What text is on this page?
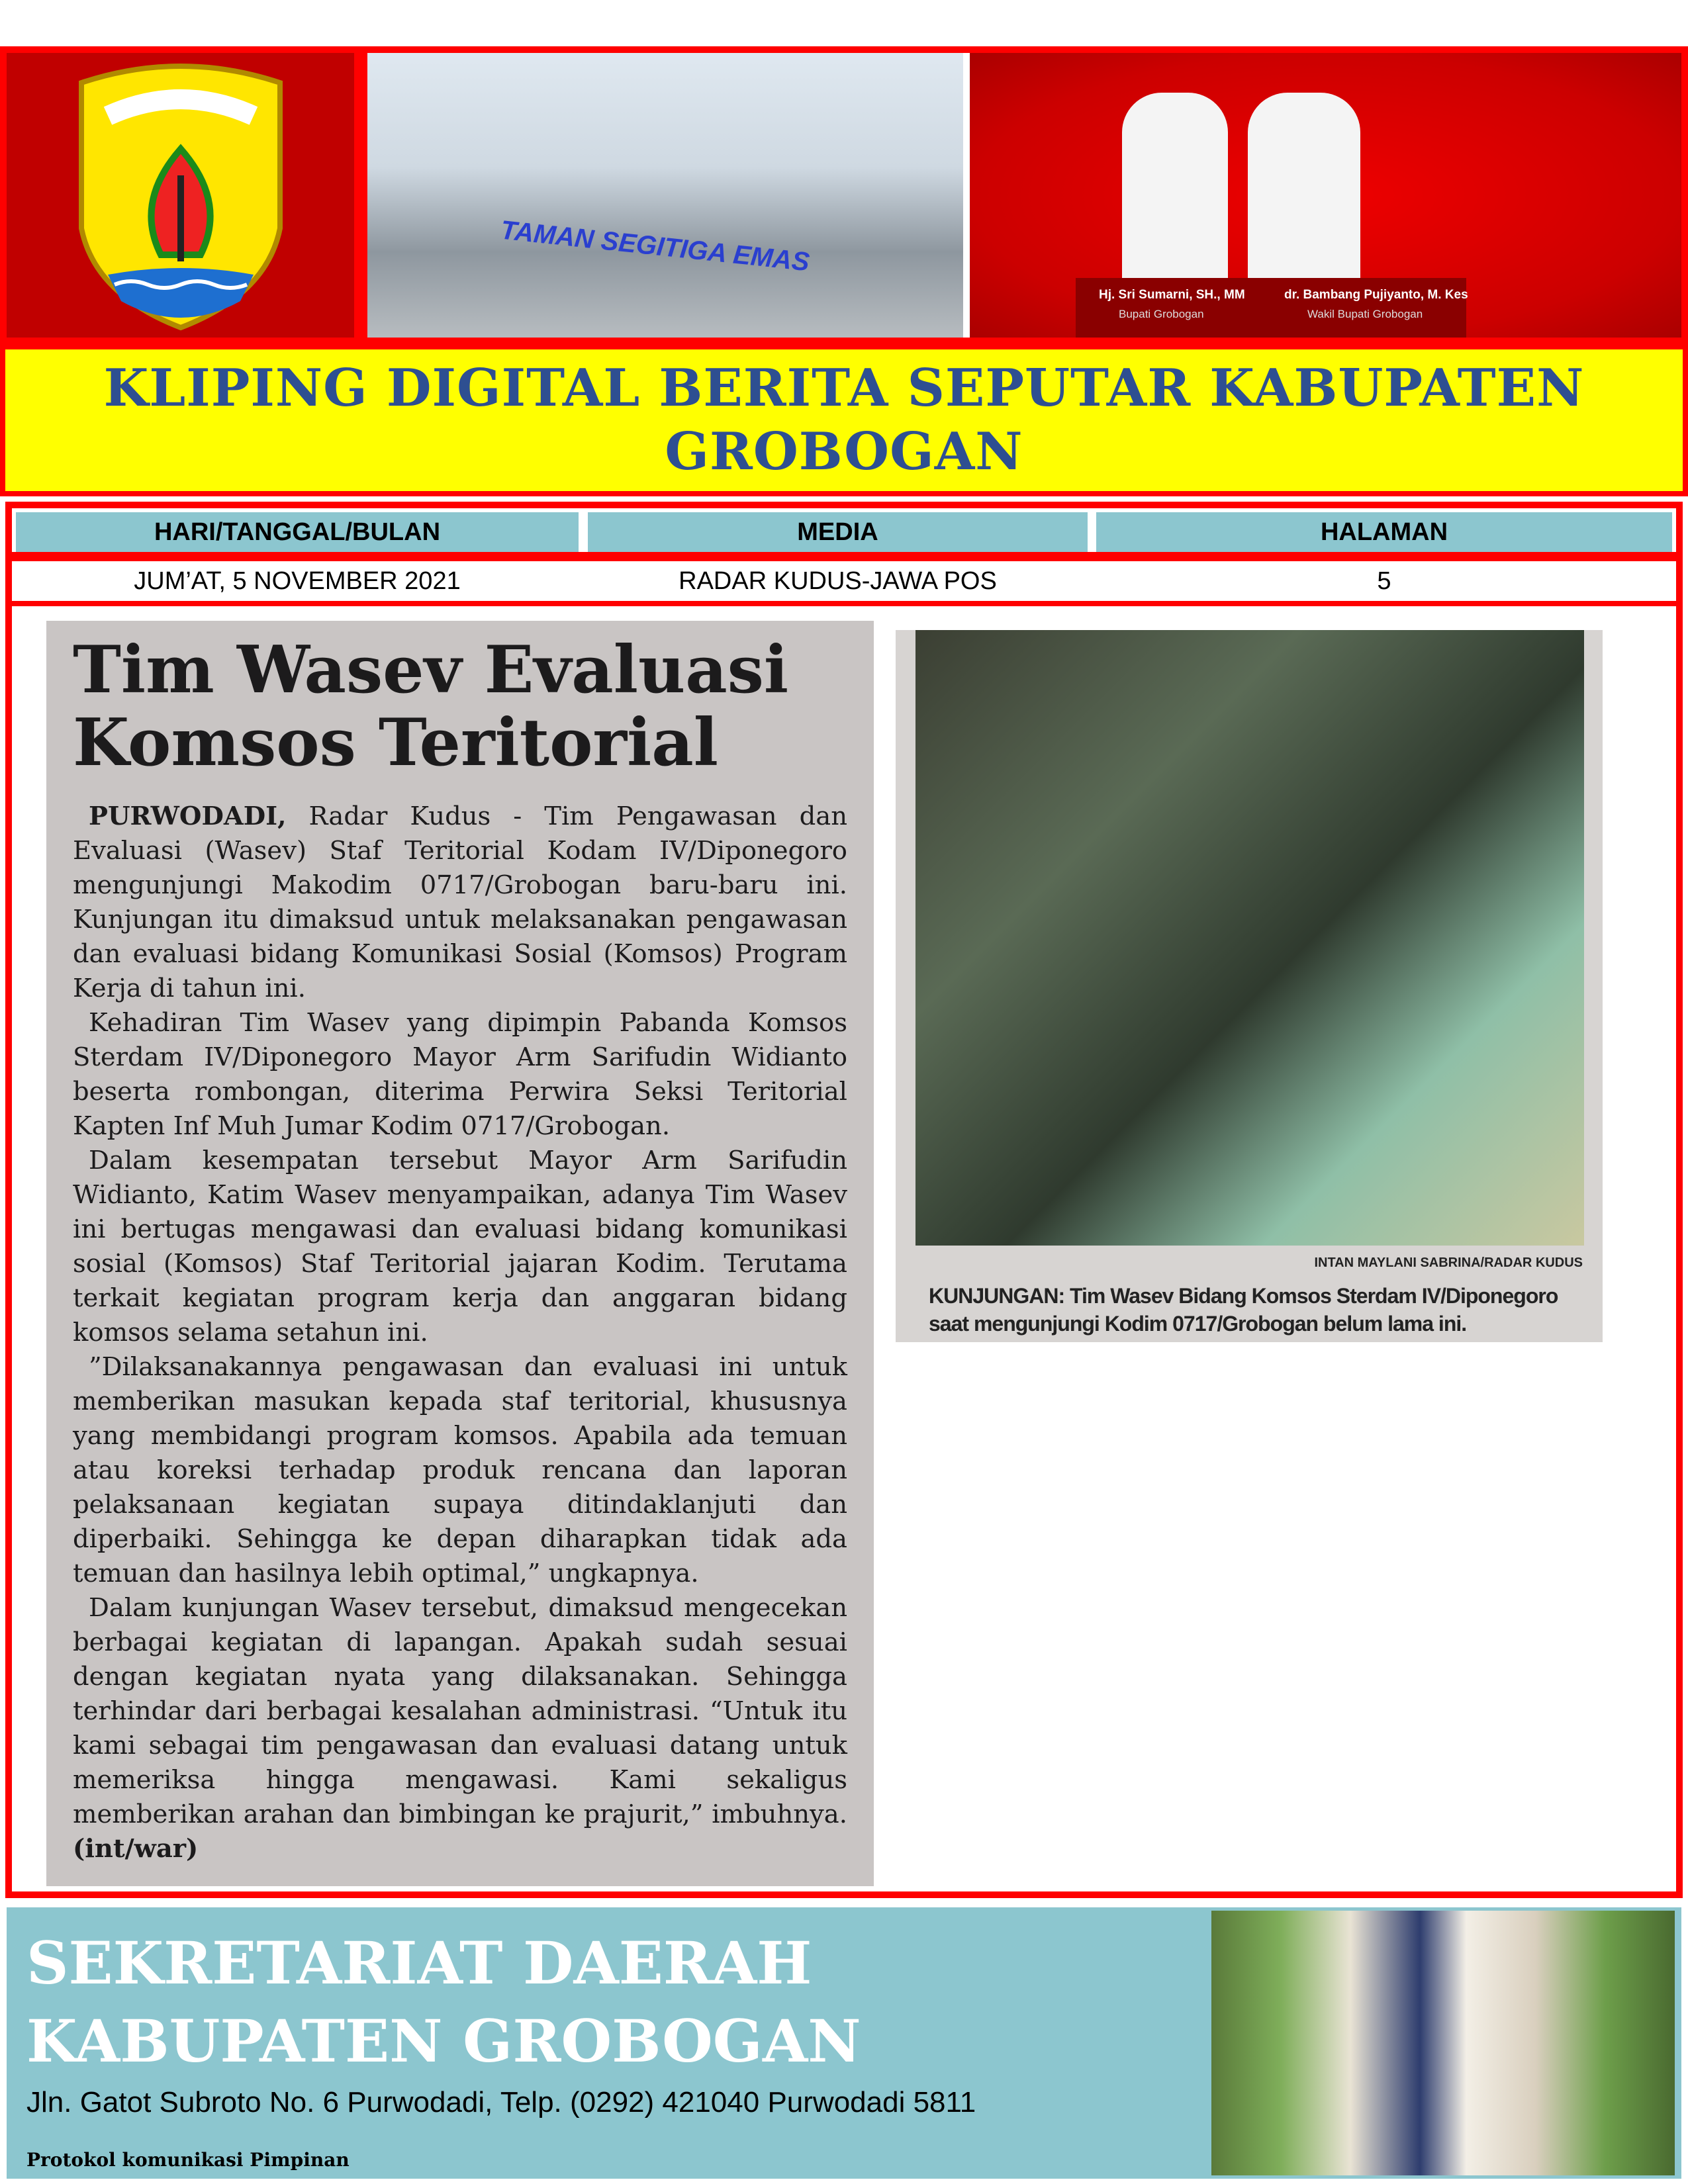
TAMAN SEGITIGA EMAS
Hj. Sri Sumarni, SH., MM
Bupati Grobogan
dr. Bambang Pujiyanto, M. Kes
Wakil Bupati Grobogan
KLIPING DIGITAL BERITA SEPUTAR KABUPATEN GROBOGAN
HARI/TANGGAL/BULAN	MEDIA	HALAMAN
JUM’AT, 5 NOVEMBER 2021	RADAR KUDUS-JAWA POS	5
Tim Wasev Evaluasi Komsos Teritorial

PURWODADI, Radar Kudus - Tim Pengawasan dan Evaluasi (Wasev) Staf Teritorial Kodam IV/Diponegoro mengunjungi Makodim 0717/Grobogan baru-baru ini. Kunjungan itu dimaksud untuk melaksanakan pengawasan dan evaluasi bidang Komunikasi Sosial (Komsos) Program Kerja di tahun ini.

Kehadiran Tim Wasev yang dipimpin Pabanda Komsos Sterdam IV/Diponegoro Mayor Arm Sarifudin Widianto beserta rombongan, diterima Perwira Seksi Teritorial Kapten Inf Muh Jumar Kodim 0717/Grobogan.

Dalam kesempatan tersebut Mayor Arm Sarifudin Widianto, Katim Wasev menyampaikan, adanya Tim Wasev ini bertugas mengawasi dan evaluasi bidang komunikasi sosial (Komsos) Staf Teritorial jajaran Kodim. Terutama terkait kegiatan program kerja dan anggaran bidang komsos selama setahun ini.

”Dilaksanakannya pengawasan dan evaluasi ini untuk memberikan masukan kepada staf teritorial, khususnya yang membidangi program komsos. Apabila ada temuan atau koreksi terhadap produk rencana dan laporan pelaksanaan kegiatan supaya ditindaklanjuti dan diperbaiki. Sehingga ke depan diharapkan tidak ada temuan dan hasilnya lebih optimal,” ungkapnya.

Dalam kunjungan Wasev tersebut, dimaksud mengecekan berbagai kegiatan di lapangan. Apakah sudah sesuai dengan kegiatan nyata yang dilaksanakan. Sehingga terhindar dari berbagai kesalahan administrasi. “Untuk itu kami sebagai tim pengawasan dan evaluasi datang untuk memeriksa hingga mengawasi. Kami sekaligus memberikan arahan dan bimbingan ke prajurit,” imbuhnya. (int/war)

INTAN MAYLANI SABRINA/RADAR KUDUS
KUNJUNGAN: Tim Wasev Bidang Komsos Sterdam IV/Diponegoro saat mengunjungi Kodim 0717/Grobogan belum lama ini.
SEKRETARIAT DAERAH KABUPATEN GROBOGAN
Jln. Gatot Subroto No. 6 Purwodadi, Telp. (0292) 421040 Purwodadi 5811
Protokol komunikasi Pimpinan
